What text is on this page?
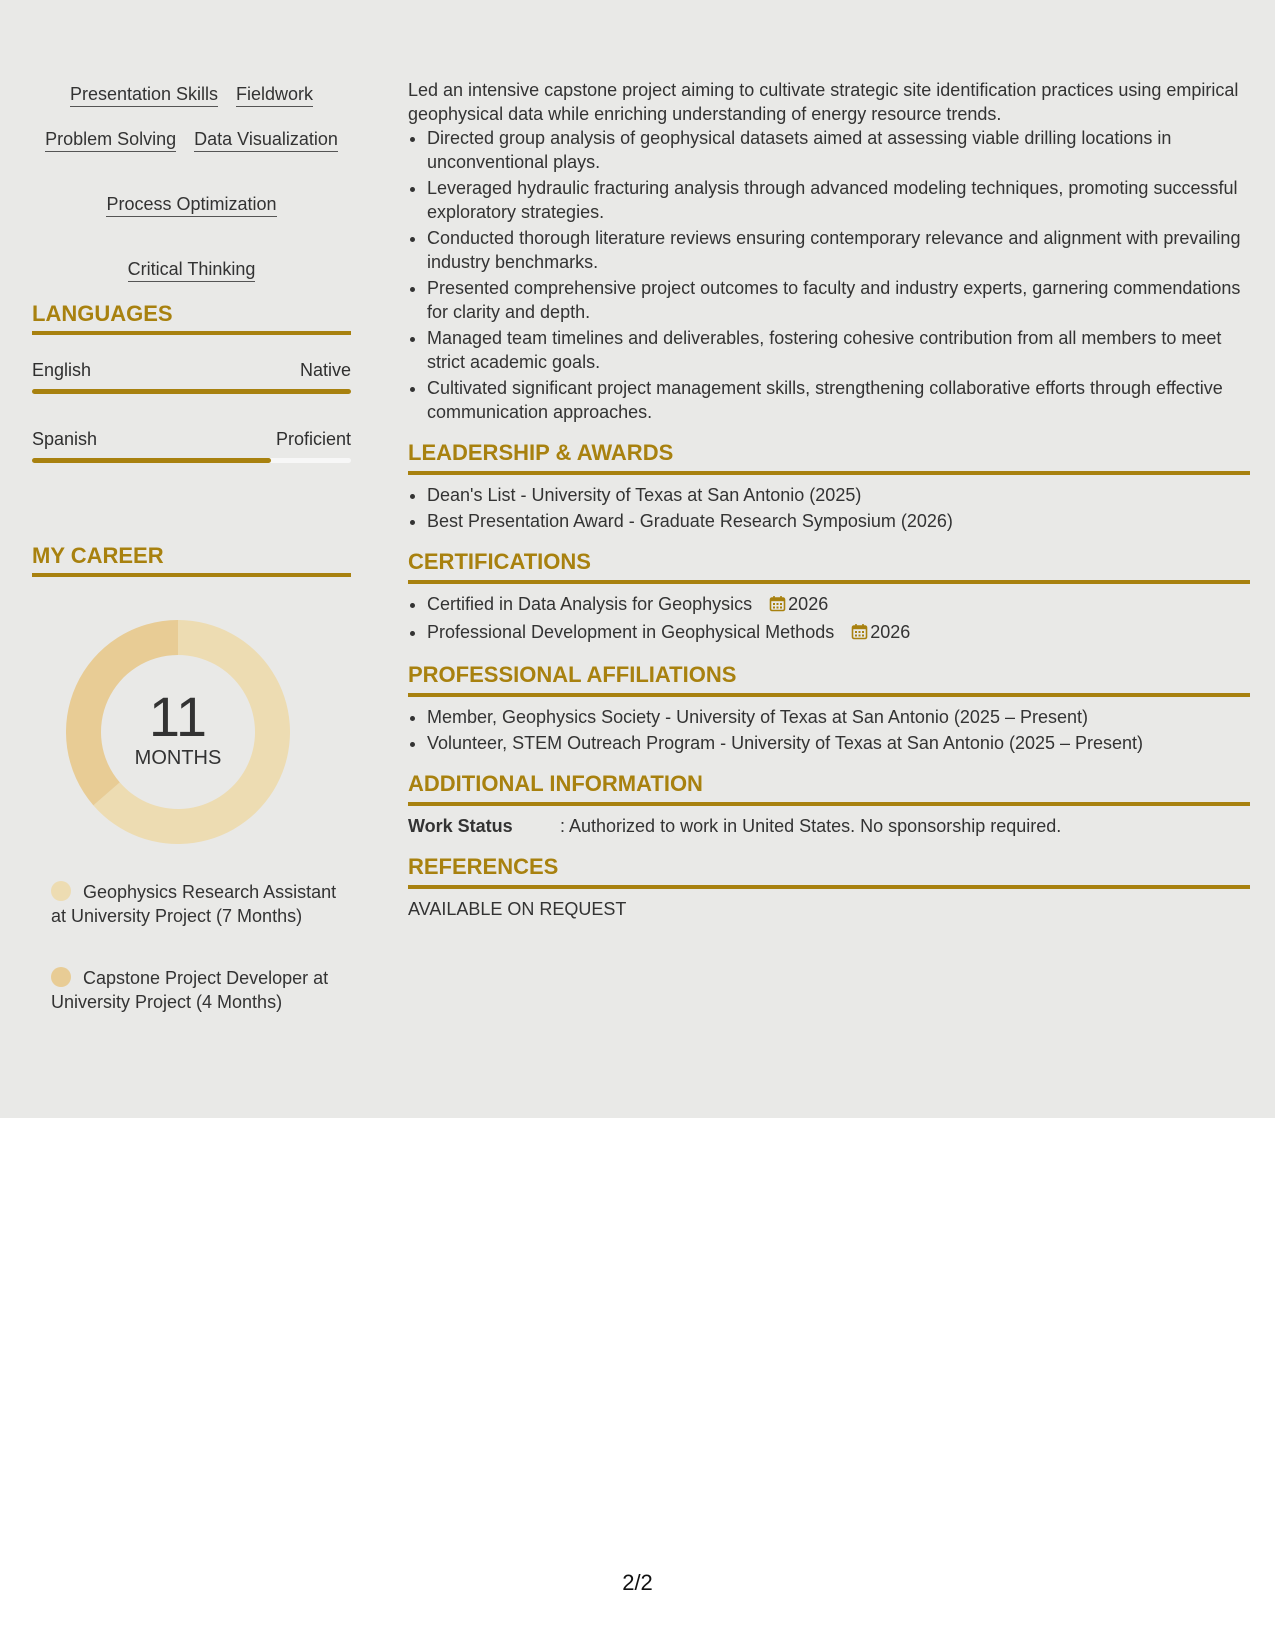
Presentation Skills Fieldwork
Problem Solving Data Visualization
Process Optimization
Critical Thinking
LANGUAGES
English	Native
Spanish	Proficient
MY CAREER
11
MONTHS
Geophysics Research Assistant at University Project (7 Months)
Capstone Project Developer at University Project (4 Months)

Led an intensive capstone project aiming to cultivate strategic site identification practices using empirical geophysical data while enriching understanding of energy resource trends.

• Directed group analysis of geophysical datasets aimed at assessing viable drilling locations in unconventional plays.
• Leveraged hydraulic fracturing analysis through advanced modeling techniques, promoting successful exploratory strategies.
• Conducted thorough literature reviews ensuring contemporary relevance and alignment with prevailing industry benchmarks.
• Presented comprehensive project outcomes to faculty and industry experts, garnering commendations for clarity and depth.
• Managed team timelines and deliverables, fostering cohesive contribution from all members to meet strict academic goals.
• Cultivated significant project management skills, strengthening collaborative efforts through effective communication approaches.
LEADERSHIP & AWARDS
• Dean's List - University of Texas at San Antonio (2025)
• Best Presentation Award - Graduate Research Symposium (2026)
CERTIFICATIONS
• Certified in Data Analysis for Geophysics 2026
• Professional Development in Geophysical Methods 2026
PROFESSIONAL AFFILIATIONS
• Member, Geophysics Society - University of Texas at San Antonio (2025 – Present)
• Volunteer, STEM Outreach Program - University of Texas at San Antonio (2025 – Present)
ADDITIONAL INFORMATION
Work Status	: Authorized to work in United States. No sponsorship required.
REFERENCES

AVAILABLE ON REQUEST

2/2
